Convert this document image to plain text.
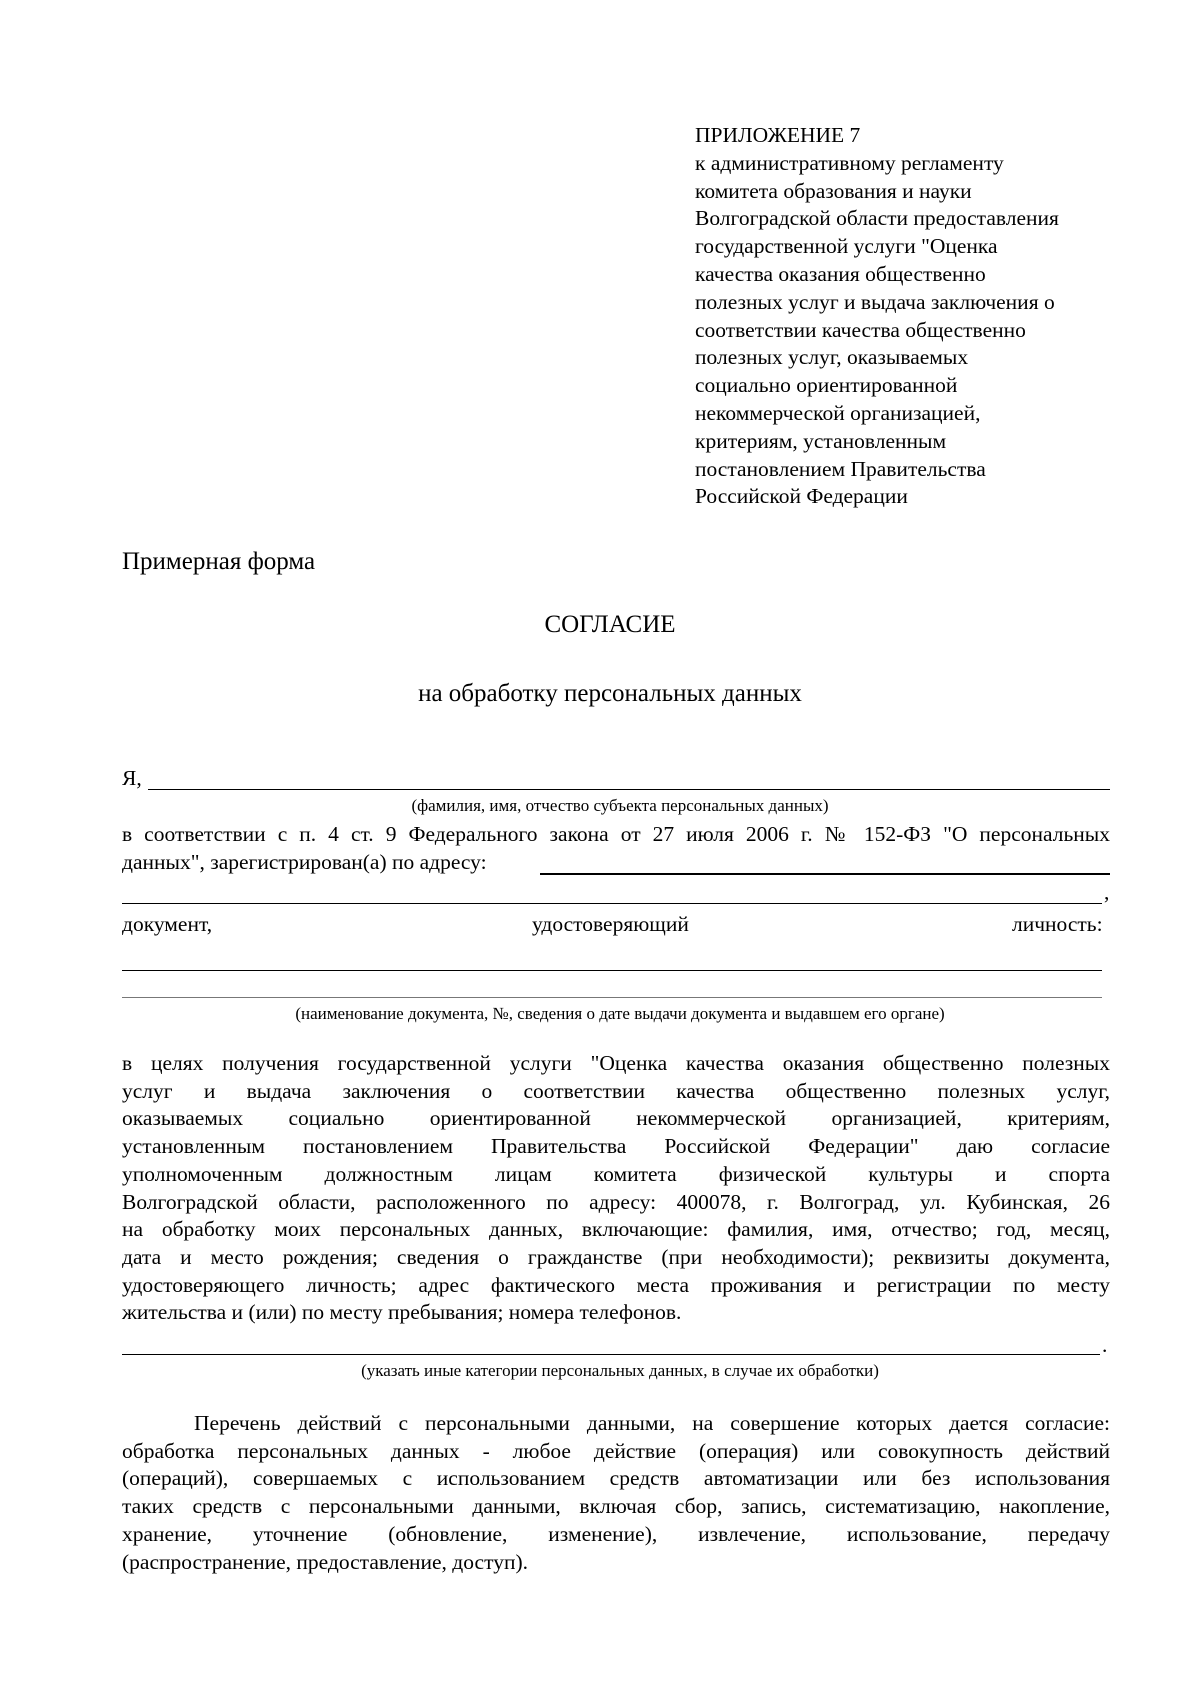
ПРИЛОЖЕНИЕ 7
к административному регламенту
комитета образования и науки
Волгоградской области предоставления
государственной услуги "Оценка
качества оказания общественно
полезных услуг и выдача заключения о
соответствии качества общественно
полезных услуг, оказываемых
социально ориентированной
некоммерческой организацией,
критериям, установленным
постановлением Правительства
Российской Федерации
Примерная форма
СОГЛАСИЕ
на обработку персональных данных
Я,
(фамилия, имя, отчество субъекта персональных данных)
в соответствии с п. 4 ст. 9 Федерального закона от 27 июля 2006 г. № 152-ФЗ "О персональных
данных", зарегистрирован(а) по адресу:
,
документ,	удостоверяющий	личность:
(наименование документа, №, сведения о дате выдачи документа и выдавшем его органе)
в целях получения государственной услуги "Оценка качества оказания общественно полезных
услуг и выдача заключения о соответствии качества общественно полезных услуг,
оказываемых социально ориентированной некоммерческой организацией, критериям,
установленным постановлением Правительства Российской Федерации" даю согласие
уполномоченным должностным лицам комитета физической культуры и спорта
Волгоградской области, расположенного по адресу: 400078, г. Волгоград, ул. Кубинская, 26
на обработку моих персональных данных, включающие: фамилия, имя, отчество; год, месяц,
дата и место рождения; сведения о гражданстве (при необходимости); реквизиты документа,
удостоверяющего личность; адрес фактического места проживания и регистрации по месту
жительства и (или) по месту пребывания; номера телефонов.
.
(указать иные категории персональных данных, в случае их обработки)
Перечень действий с персональными данными, на совершение которых дается согласие:
обработка персональных данных - любое действие (операция) или совокупность действий
(операций), совершаемых с использованием средств автоматизации или без использования
таких средств с персональными данными, включая сбор, запись, систематизацию, накопление,
хранение, уточнение (обновление, изменение), извлечение, использование, передачу
(распространение, предоставление, доступ).
